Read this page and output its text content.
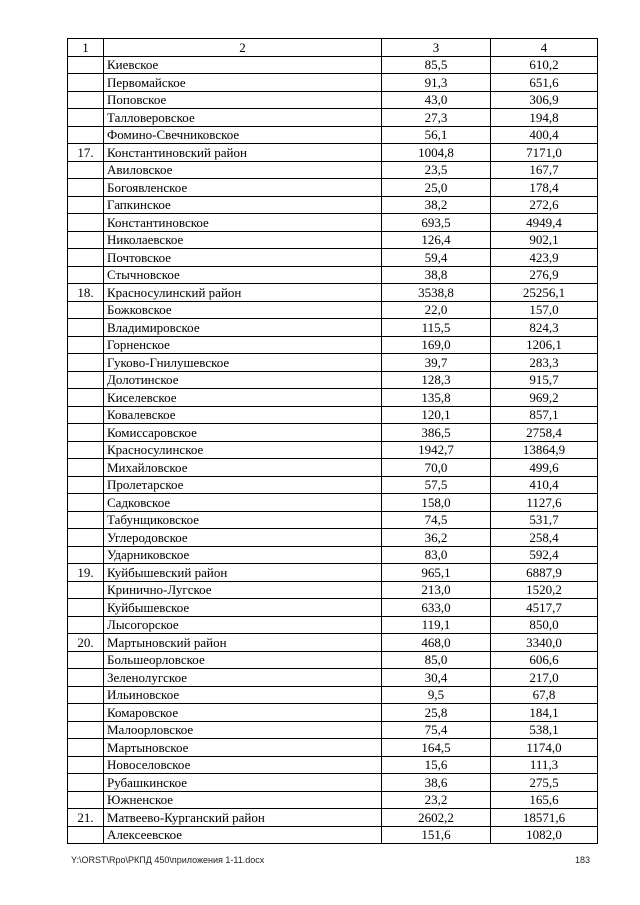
1	2	3	4
	Киевское	85,5	610,2
	Первомайское	91,3	651,6
	Поповское	43,0	306,9
	Талловеровское	27,3	194,8
	Фомино-Свечниковское	56,1	400,4
17.	Константиновский район	1004,8	7171,0
	Авиловское	23,5	167,7
	Богоявленское	25,0	178,4
	Гапкинское	38,2	272,6
	Константиновское	693,5	4949,4
	Николаевское	126,4	902,1
	Почтовское	59,4	423,9
	Стычновское	38,8	276,9
18.	Красносулинский район	3538,8	25256,1
	Божковское	22,0	157,0
	Владимировское	115,5	824,3
	Горненское	169,0	1206,1
	Гуково-Гнилушевское	39,7	283,3
	Долотинское	128,3	915,7
	Киселевское	135,8	969,2
	Ковалевское	120,1	857,1
	Комиссаровское	386,5	2758,4
	Красносулинское	1942,7	13864,9
	Михайловское	70,0	499,6
	Пролетарское	57,5	410,4
	Садковское	158,0	1127,6
	Табунщиковское	74,5	531,7
	Углеродовское	36,2	258,4
	Ударниковское	83,0	592,4
19.	Куйбышевский район	965,1	6887,9
	Кринично-Лугское	213,0	1520,2
	Куйбышевское	633,0	4517,7
	Лысогорское	119,1	850,0
20.	Мартыновский район	468,0	3340,0
	Большеорловское	85,0	606,6
	Зеленолугское	30,4	217,0
	Ильиновское	9,5	67,8
	Комаровское	25,8	184,1
	Малоорловское	75,4	538,1
	Мартыновское	164,5	1174,0
	Новоселовское	15,6	111,3
	Рубашкинское	38,6	275,5
	Южненское	23,2	165,6
21.	Матвеево-Курганский район	2602,2	18571,6
	Алексеевское	151,6	1082,0
Y:\ORST\Rpo\РКПД 450\приложения 1-11.docx	183
